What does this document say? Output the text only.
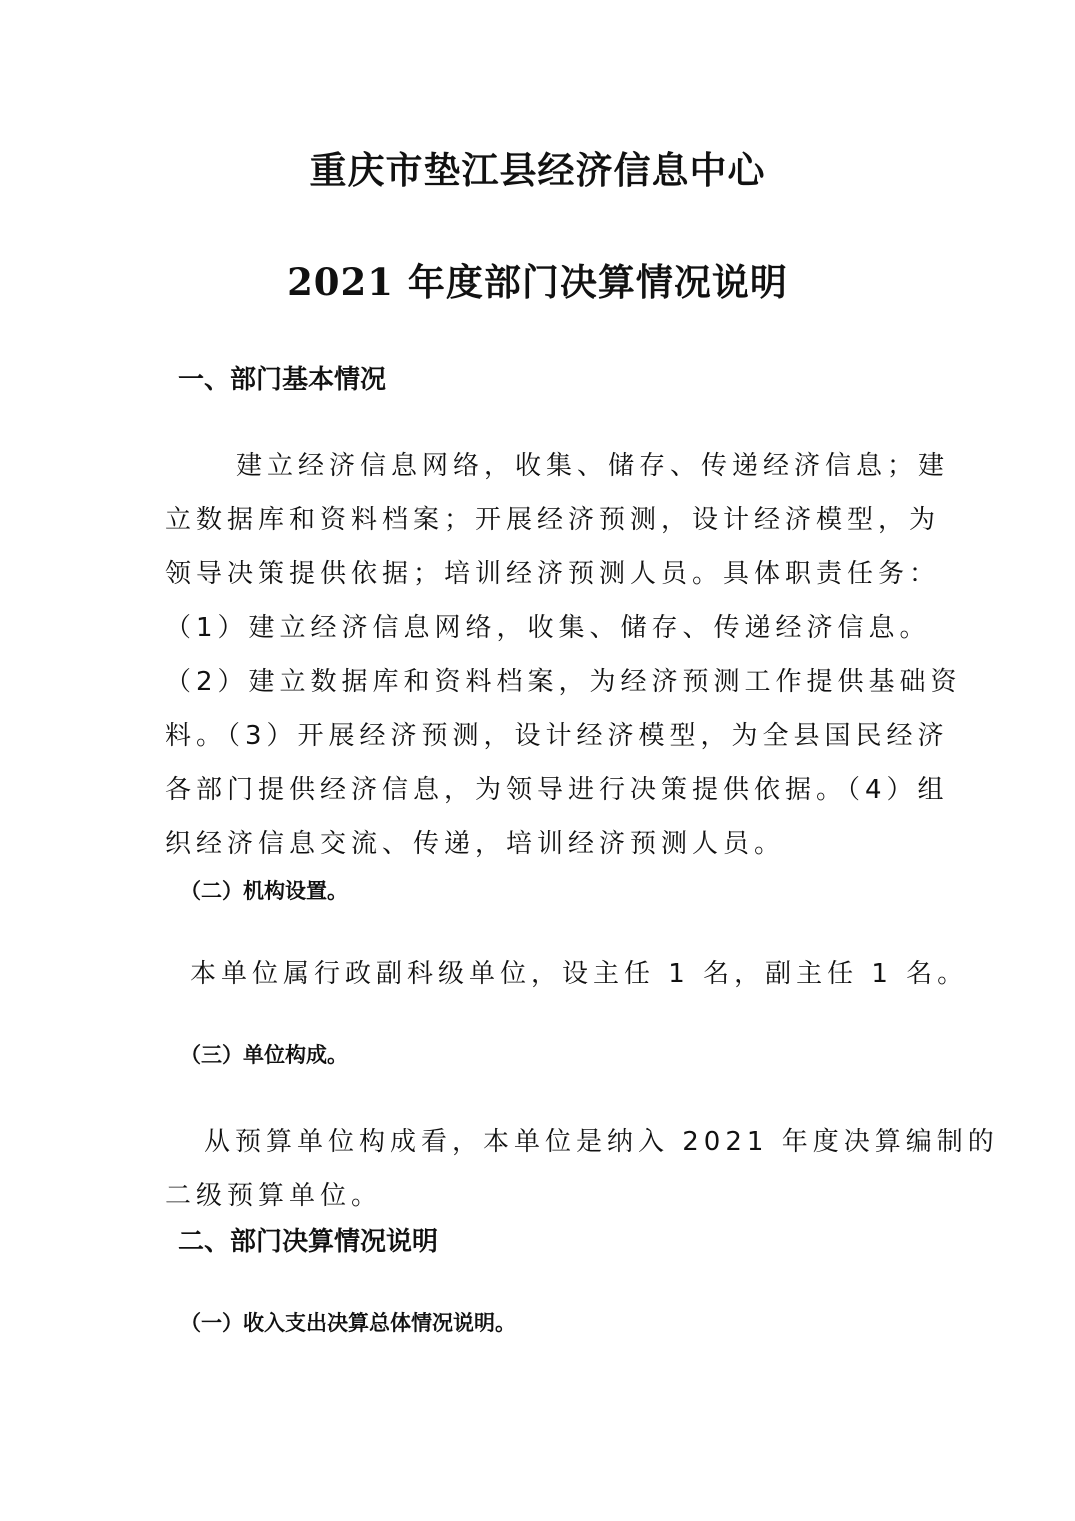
重庆市垫江县经济信息中心
2021 年度部门决算情况说明
一、部门基本情况
建立经济信息网络，收集、储存、传递经济信息；建
立数据库和资料档案；开展经济预测，设计经济模型，为
领导决策提供依据；培训经济预测人员。具体职责任务：
（1）建立经济信息网络，收集、储存、传递经济信息。
（2）建立数据库和资料档案，为经济预测工作提供基础资
料。（3）开展经济预测，设计经济模型，为全县国民经济
各部门提供经济信息，为领导进行决策提供依据。（4）组
织经济信息交流、传递，培训经济预测人员。
（二）机构设置。
本单位属行政副科级单位，设主任 1 名，副主任 1 名。
（三）单位构成。
从预算单位构成看，本单位是纳入 2021 年度决算编制的
二级预算单位。
二、部门决算情况说明
（一）收入支出决算总体情况说明。
